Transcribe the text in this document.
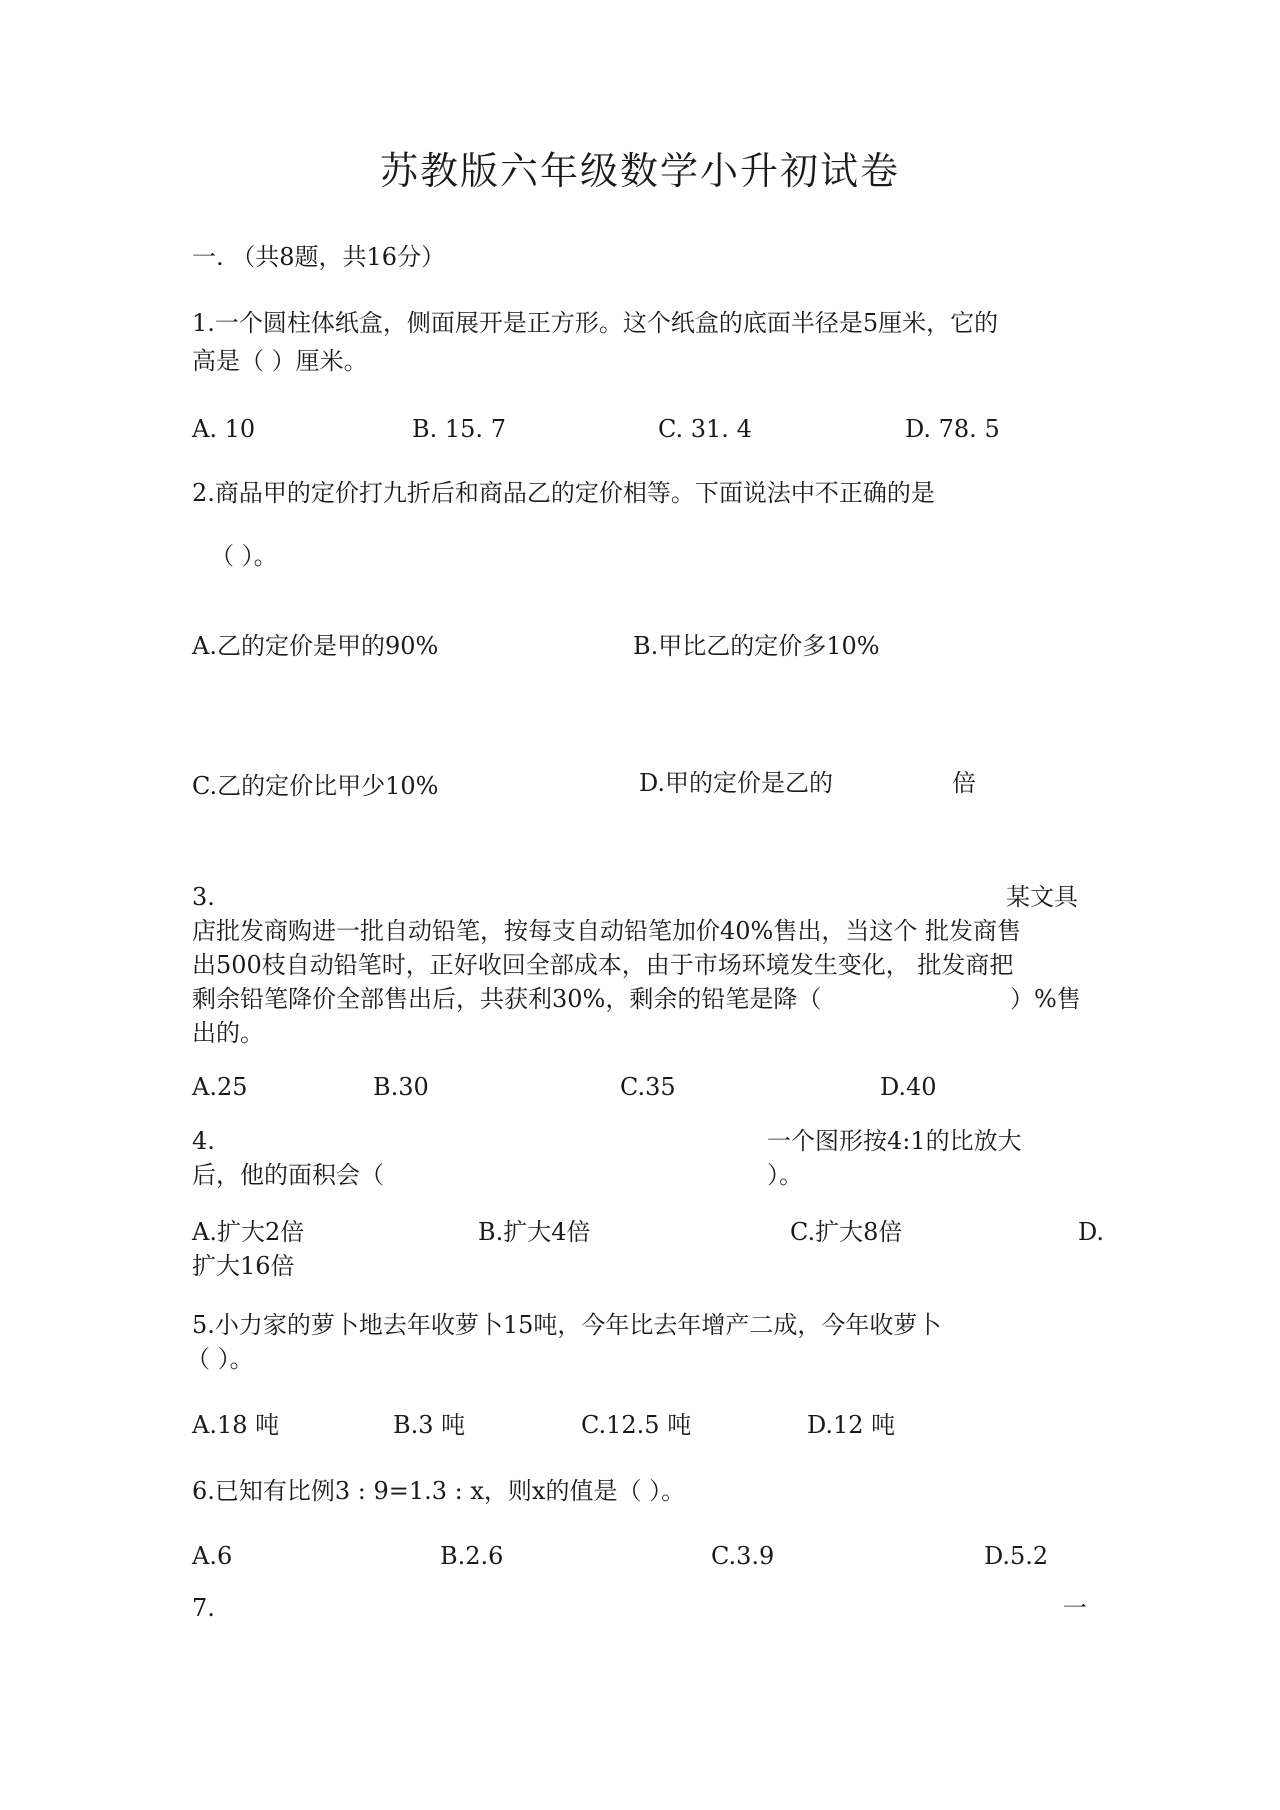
苏教版六年级数学小升初试卷
一. （共8题，共16分）
1.一个圆柱体纸盒，侧面展开是正方形。这个纸盒的底面半径是5厘米，它的
高是（ ）厘米。
A. 10	B. 15. 7	C. 31. 4	D. 78. 5
2.商品甲的定价打九折后和商品乙的定价相等。下面说法中不正确的是
（ ）。
A.乙的定价是甲的90%	B.甲比乙的定价多10%
C.乙的定价比甲少10%	D.甲的定价是乙的	倍
3.	某文具
店批发商购进一批自动铅笔，按每支自动铅笔加价40%售出，当这个 批发商售
出500枝自动铅笔时，正好收回全部成本，由于市场环境发生变化， 批发商把
剩余铅笔降价全部售出后，共获利30%，剩余的铅笔是降（	）%售
出的。
A.25	B.30	C.35	D.40
4.	一个图形按4:1的比放大
后，他的面积会（	）。
A.扩大2倍	B.扩大4倍	C.扩大8倍	D.
扩大16倍
5.小力家的萝卜地去年收萝卜15吨，今年比去年增产二成，今年收萝卜
（ ）。
A.18 吨	B.3 吨	C.12.5 吨	D.12 吨
6.已知有比例3 : 9=1.3 : x，则x的值是（ ）。
A.6	B.2.6	C.3.9	D.5.2
7.	一
